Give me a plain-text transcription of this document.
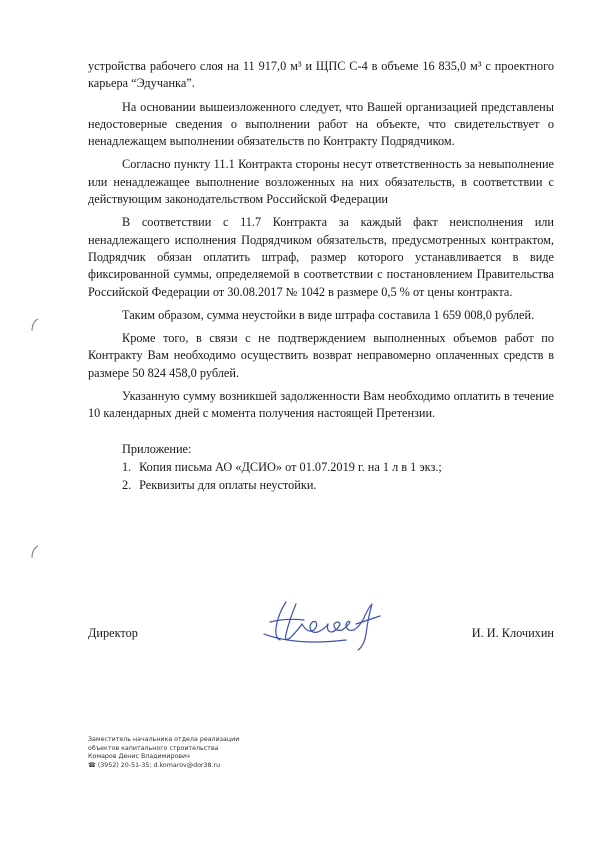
устройства рабочего слоя на 11 917,0 м³ и ЩПС С-4 в объеме 16 835,0 м³ с проектного карьера “Эдучанка”.

На основании вышеизложенного следует, что Вашей организацией представлены недостоверные сведения о выполнении работ на объекте, что свидетельствует о ненадлежащем выполнении обязательств по Контракту Подрядчиком.

Согласно пункту 11.1 Контракта стороны несут ответственность за невыполнение или ненадлежащее выполнение возложенных на них обязательств, в соответствии с действующим законодательством Российской Федерации

В соответствии с 11.7 Контракта за каждый факт неисполнения или ненадлежащего исполнения Подрядчиком обязательств, предусмотренных контрактом, Подрядчик обязан оплатить штраф, размер которого устанавливается в виде фиксированной суммы, определяемой в соответствии с постановлением Правительства Российской Федерации от 30.08.2017 № 1042 в размере 0,5 % от цены контракта.

Таким образом, сумма неустойки в виде штрафа составила 1 659 008,0 рублей.

Кроме того, в связи с не подтверждением выполненных объемов работ по Контракту Вам необходимо осуществить возврат неправомерно оплаченных средств в размере 50 824 458,0 рублей.

Указанную сумму возникшей задолженности Вам необходимо оплатить в течение 10 календарных дней с момента получения настоящей Претензии.

Приложение:

1. Копия письма АО «ДСИО» от 01.07.2019 г. на 1 л в 1 экз.;
2. Реквизиты для оплаты неустойки.
Директор	И. И. Клочихин
Заместитель начальника отдела реализации
объектов капитального строительства
Комаров Денис Владимирович
☎ (3952) 20-51-35; d.komarov@dor38.ru
